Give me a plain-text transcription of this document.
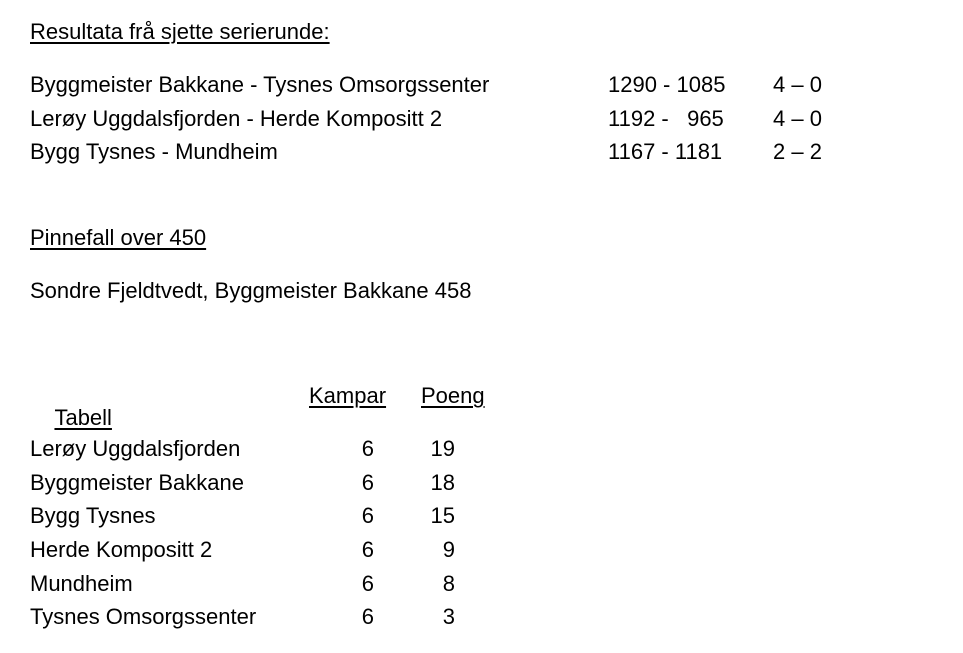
Resultata frå sjette serierunde:
Byggmeister Bakkane - Tysnes Omsorgssenter	1290 - 1085 4 – 0
Lerøy Uggdalsfjorden - Herde Kompositt 2	1192 -   965 4 – 0
Bygg Tysnes - Mundheim	1167 - 1181 2 – 2
Pinnefall over 450
Sondre Fjeldtvedt, Byggmeister Bakkane 458

Tabell

Kampar Poeng
Lerøy Uggdalsfjorden	6	19
Byggmeister Bakkane	6	18
Bygg Tysnes	6	15
Herde Kompositt 2	6	9
Mundheim	6	8
Tysnes Omsorgssenter	6	3
